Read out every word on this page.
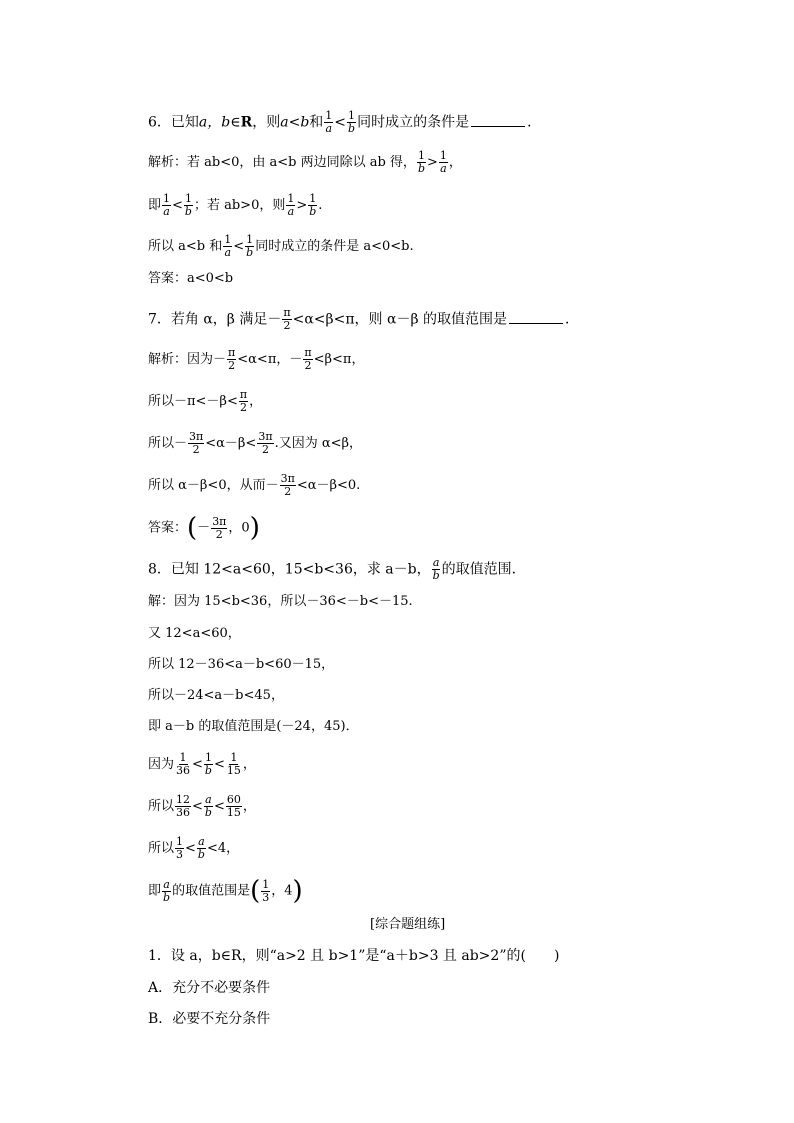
6．已知a，b∈R，则a<b和 $\frac{1}{a} < \frac{1}{b}$ 同时成立的条件是	．
解析：若 ab<0，由 a<b 两边同除以 ab 得， $\frac{1}{b} > \frac{1}{a}$ ，
即 $\frac{1}{a} < \frac{1}{b}$ ；若 ab>0，则 $\frac{1}{a} > \frac{1}{b}$ .
所以 a<b 和 $\frac{1}{a} < \frac{1}{b}$ 同时成立的条件是 a<0<b.
答案：a<0<b
7．若角 α，β 满足－ $\frac{\pi}{2} <\alpha<\beta<\pi$，则 α－β 的取值范围是	．
解析：因为－ $\frac{\pi}{2} <\alpha<\pi$，－ $\frac{\pi}{2} <\beta<\pi$，
所以$-\pi<-\beta< \frac{\pi}{2}$ ，
所以－ $\frac{3\pi}{2} <\alpha-\beta< \frac{3\pi}{2}$ .又因为 α<β，
所以 α－β<0，从而－ $\frac{3\pi}{2} <\alpha-\beta<0$.
答案：(－ $\frac{3\pi}{2}$ ，0)
8．已知 12<a<60，15<b<36，求 a－b， $\frac{a}{b}$ 的取值范围．
解：因为 15<b<36，所以－36<－b<－15.
又 12<a<60，
所以 12－36<a－b<60－15，
所以－24<a－b<45，
即 a－b 的取值范围是(－24，45)．
因为 $\frac{1}{36} < \frac{1}{b} < \frac{1}{15}$ ，
所以 $\frac{12}{36} < \frac{a}{b} < \frac{60}{15}$ ，
所以 $\frac{1}{3} < \frac{a}{b} <4$，
即 $\frac{a}{b}$ 的取值范围是( $\frac{1}{3}$ ，4)
[综合题组练]
1．设 a，b∈R，则“a>2 且 b>1”是“a＋b>3 且 ab>2”的(　　)
A．充分不必要条件
B．必要不充分条件
